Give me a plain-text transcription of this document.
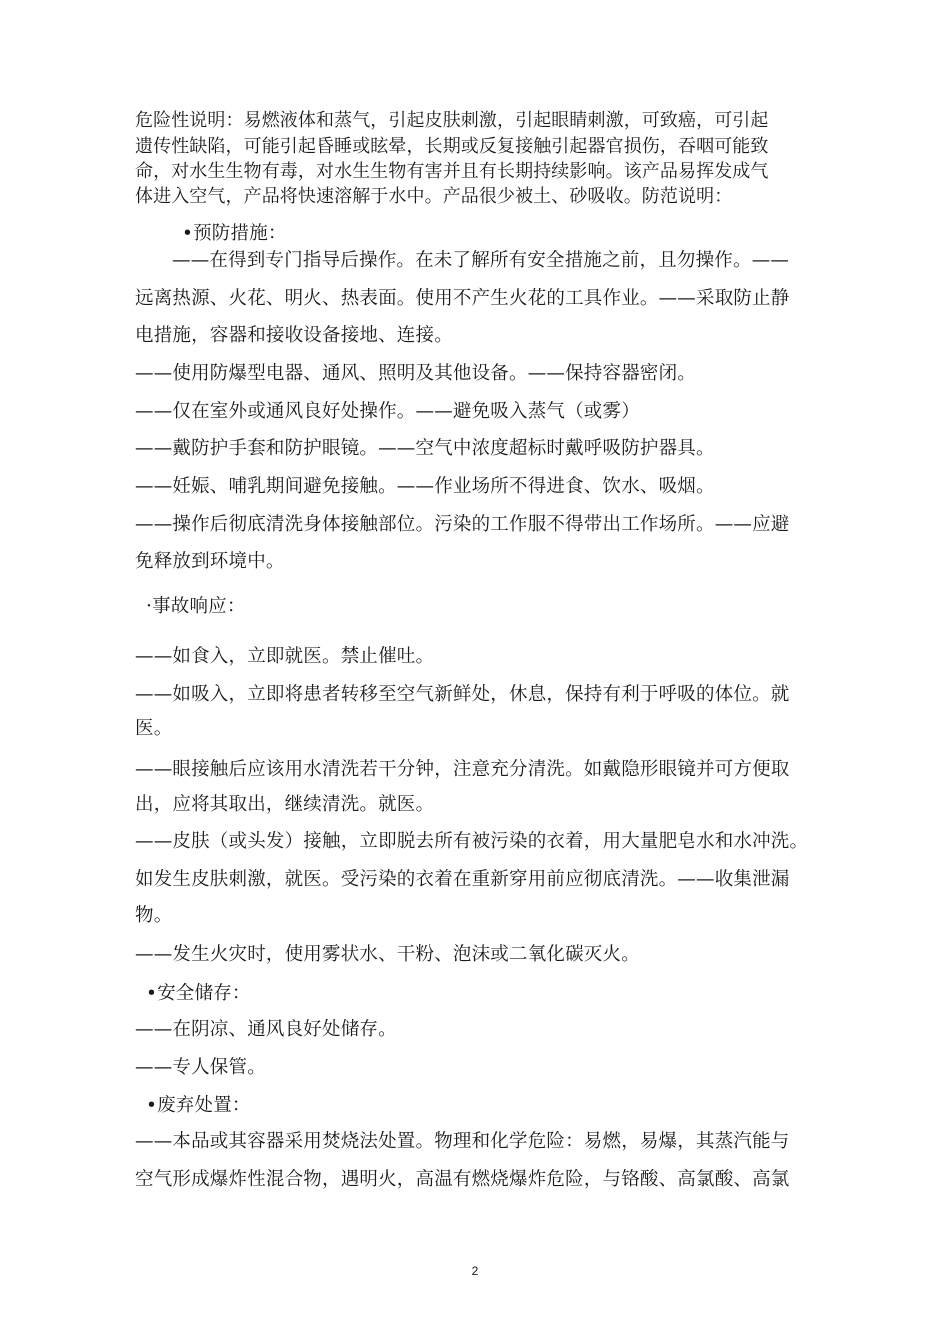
危险性说明：易燃液体和蒸气，引起皮肤刺激，引起眼睛刺激，可致癌，可引起
遗传性缺陷，可能引起昏睡或眩晕，长期或反复接触引起器官损伤，吞咽可能致
命，对水生生物有毒，对水生生物有害并且有长期持续影响。该产品易挥发成气
体进入空气，产品将快速溶解于水中。产品很少被土、砂吸收。防范说明：
•预防措施：
——在得到专门指导后操作。在未了解所有安全措施之前，且勿操作。——
远离热源、火花、明火、热表面。使用不产生火花的工具作业。——采取防止静
电措施，容器和接收设备接地、连接。
——使用防爆型电器、通风、照明及其他设备。——保持容器密闭。
——仅在室外或通风良好处操作。——避免吸入蒸气（或雾）
——戴防护手套和防护眼镜。——空气中浓度超标时戴呼吸防护器具。
——妊娠、哺乳期间避免接触。——作业场所不得进食、饮水、吸烟。
——操作后彻底清洗身体接触部位。污染的工作服不得带出工作场所。——应避
免释放到环境中。
·事故响应：
——如食入，立即就医。禁止催吐。
——如吸入，立即将患者转移至空气新鲜处，休息，保持有利于呼吸的体位。就
医。
——眼接触后应该用水清洗若干分钟，注意充分清洗。如戴隐形眼镜并可方便取
出，应将其取出，继续清洗。就医。
——皮肤（或头发）接触，立即脱去所有被污染的衣着，用大量肥皂水和水冲洗。
如发生皮肤刺激，就医。受污染的衣着在重新穿用前应彻底清洗。——收集泄漏
物。
——发生火灾时，使用雾状水、干粉、泡沫或二氧化碳灭火。
•安全储存：
——在阴凉、通风良好处储存。
——专人保管。
•废弃处置：
——本品或其容器采用焚烧法处置。物理和化学危险：易燃，易爆，其蒸汽能与
空气形成爆炸性混合物，遇明火，高温有燃烧爆炸危险，与铬酸、高氯酸、高氯
2
